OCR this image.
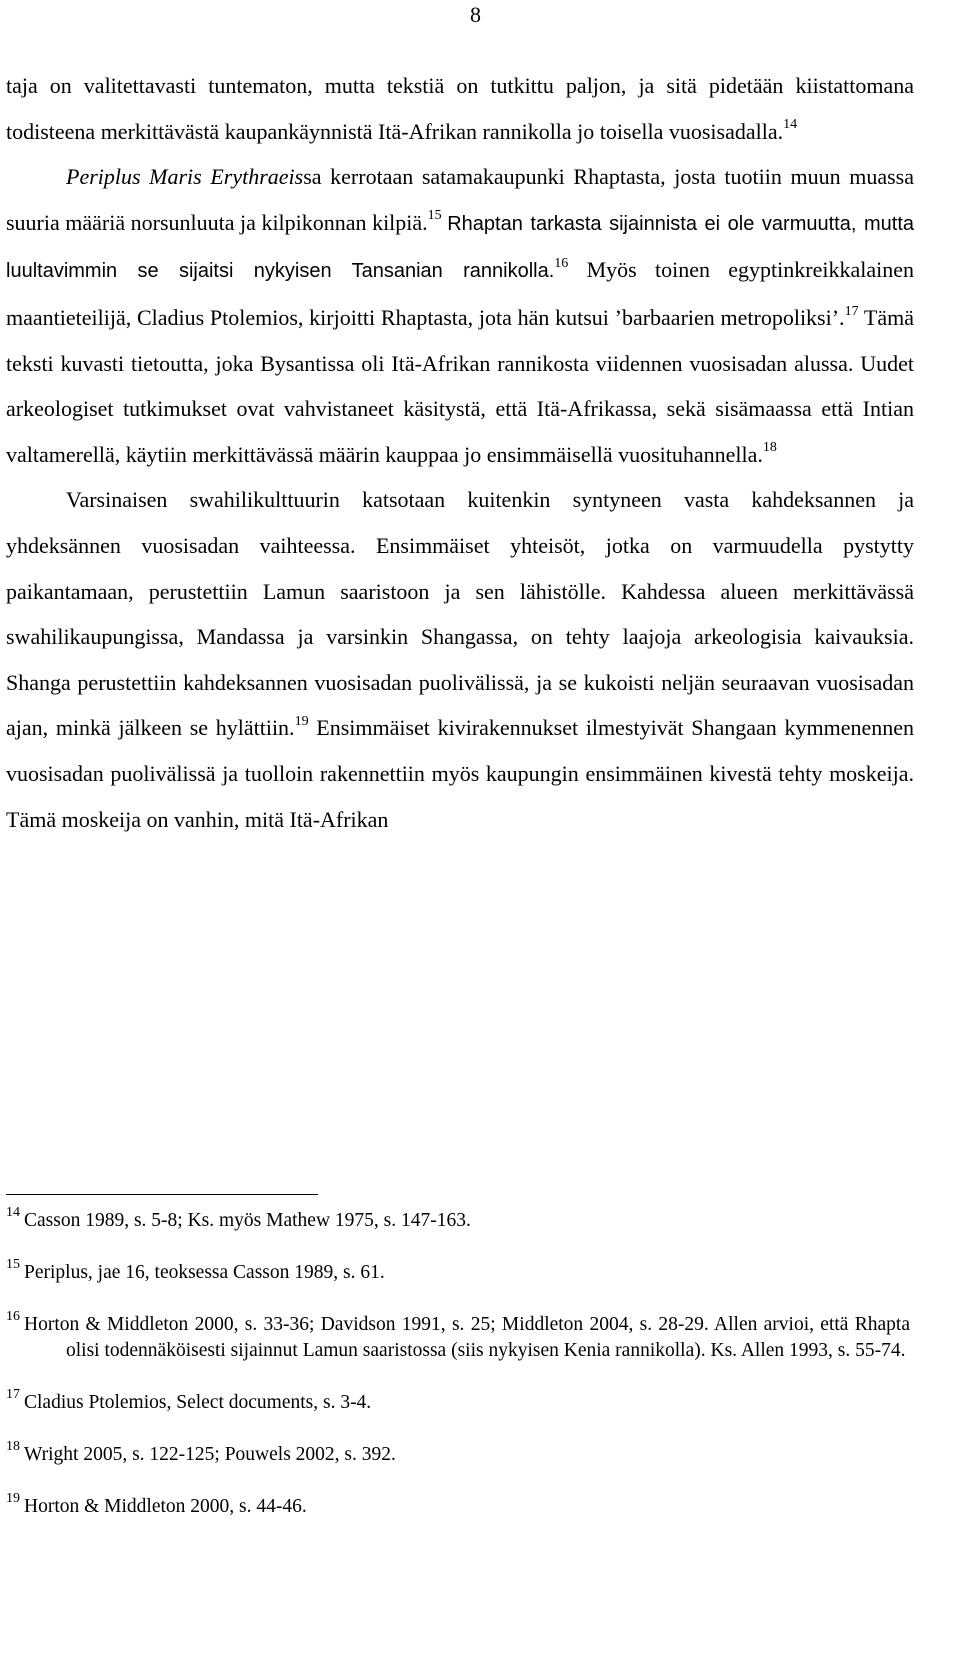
8

taja on valitettavasti tuntematon, mutta tekstiä on tutkittu paljon, ja sitä pidetään kiistattomana todisteena merkittävästä kaupankäynnistä Itä-Afrikan rannikolla jo toisella vuosisadalla.$^{14}$

Periplus Maris Erythraeissa kerrotaan satamakaupunki Rhaptasta, josta tuotiin muun muassa suuria määriä norsunluuta ja kilpikonnan kilpiä.$^{15}$ Rhaptan tarkasta sijainnista ei ole varmuutta, mutta luultavimmin se sijaitsi nykyisen Tansanian rannikolla.$^{16}$ Myös toinen egyptinkreikkalainen maantieteilijä, Cladius Ptolemios, kirjoitti Rhaptasta, jota hän kutsui ’barbaarien metropoliksi’.$^{17}$ Tämä teksti kuvasti tietoutta, joka Bysantissa oli Itä-Afrikan rannikosta viidennen vuosisadan alussa. Uudet arkeologiset tutkimukset ovat vahvistaneet käsitystä, että Itä-Afrikassa, sekä sisämaassa että Intian valtamerellä, käytiin merkittävässä määrin kauppaa jo ensimmäisellä vuosituhannella.$^{18}$

Varsinaisen swahilikulttuurin katsotaan kuitenkin syntyneen vasta kahdeksannen ja yhdeksännen vuosisadan vaihteessa. Ensimmäiset yhteisöt, jotka on varmuudella pystytty paikantamaan, perustettiin Lamun saaristoon ja sen lähistölle. Kahdessa alueen merkittävässä swahilikaupungissa, Mandassa ja varsinkin Shangassa, on tehty laajoja arkeologisia kaivauksia. Shanga perustettiin kahdeksannen vuosisadan puolivälissä, ja se kukoisti neljän seuraavan vuosisadan ajan, minkä jälkeen se hylättiin.$^{19}$ Ensimmäiset kivirakennukset ilmestyivät Shangaan kymmenennen vuosisadan puolivälissä ja tuolloin rakennettiin myös kaupungin ensimmäinen kivestä tehty moskeija. Tämä moskeija on vanhin, mitä Itä-Afrikan

14 Casson 1989, s. 5-8; Ks. myös Mathew 1975, s. 147-163.
15 Periplus, jae 16, teoksessa Casson 1989, s. 61.
16 Horton & Middleton 2000, s. 33-36; Davidson 1991, s. 25; Middleton 2004, s. 28-29. Allen arvioi, että Rhapta olisi todennäköisesti sijainnut Lamun saaristossa (siis nykyisen Kenia rannikolla). Ks. Allen 1993, s. 55-74.
17 Cladius Ptolemios, Select documents, s. 3-4.
18 Wright 2005, s. 122-125; Pouwels 2002, s. 392.
19 Horton & Middleton 2000, s. 44-46.
